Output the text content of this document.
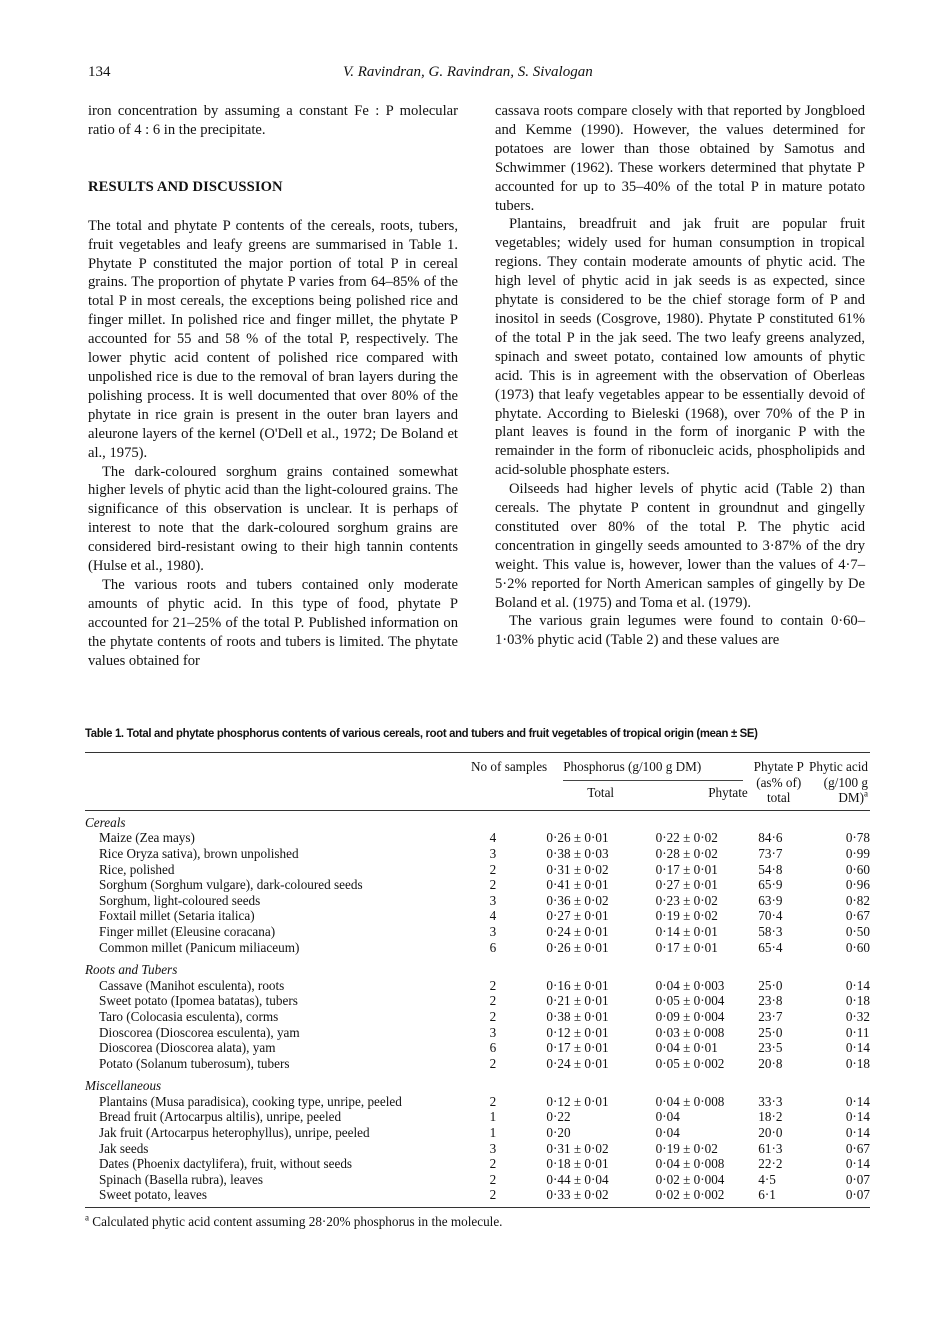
134	V. Ravindran, G. Ravindran, S. Sivalogan

iron concentration by assuming a constant Fe : P molecular ratio of 4 : 6 in the precipitate.

RESULTS AND DISCUSSION

The total and phytate P contents of the cereals, roots, tubers, fruit vegetables and leafy greens are summarised in Table 1. Phytate P constituted the major portion of total P in cereal grains. The proportion of phytate P varies from 64–85% of the total P in most cereals, the exceptions being polished rice and finger millet. In polished rice and finger millet, the phytate P accounted for 55 and 58 % of the total P, respectively. The lower phytic acid content of polished rice compared with unpolished rice is due to the removal of bran layers during the polishing process. It is well documented that over 80% of the phytate in rice grain is present in the outer bran layers and aleurone layers of the kernel (O'Dell et al., 1972; De Boland et al., 1975).

The dark-coloured sorghum grains contained somewhat higher levels of phytic acid than the light-coloured grains. The significance of this observation is unclear. It is perhaps of interest to note that the dark-coloured sorghum grains are considered bird-resistant owing to their high tannin contents (Hulse et al., 1980).

The various roots and tubers contained only moderate amounts of phytic acid. In this type of food, phytate P accounted for 21–25% of the total P. Published information on the phytate contents of roots and tubers is limited. The phytate values obtained for

cassava roots compare closely with that reported by Jongbloed and Kemme (1990). However, the values determined for potatoes are lower than those obtained by Samotus and Schwimmer (1962). These workers determined that phytate P accounted for up to 35–40% of the total P in mature potato tubers.

Plantains, breadfruit and jak fruit are popular fruit vegetables; widely used for human consumption in tropical regions. They contain moderate amounts of phytic acid. The high level of phytic acid in jak seeds is as expected, since phytate is considered to be the chief storage form of P and inositol in seeds (Cosgrove, 1980). Phytate P constituted 61% of the total P in the jak seed. The two leafy greens analyzed, spinach and sweet potato, contained low amounts of phytic acid. This is in agreement with the observation of Oberleas (1973) that leafy vegetables appear to be essentially devoid of phytate. According to Bieleski (1968), over 70% of the P in plant leaves is found in the form of inorganic P with the remainder in the form of ribonucleic acids, phospholipids and acid-soluble phosphate esters.

Oilseeds had higher levels of phytic acid (Table 2) than cereals. The phytate P content in groundnut and gingelly constituted over 80% of the total P. The phytic acid concentration in gingelly seeds amounted to 3·87% of the dry weight. This value is, however, lower than the values of 4·7–5·2% reported for North American samples of gingelly by De Boland et al. (1975) and Toma et al. (1979).

The various grain legumes were found to contain 0·60–1·03% phytic acid (Table 2) and these values are

Table 1. Total and phytate phosphorus contents of various cereals, root and tubers and fruit vegetables of tropical origin (mean ± SE)
	No of samples	Phosphorus (g/100 g DM)
Total	Phytate

Phytate P
(as% of)
total

Phytic acid
(g/100 g
DM)$^a$
Cereals					
Maize (Zea mays)	4	0·26 ± 0·01	0·22 ± 0·02	84·6	0·78
Rice Oryza sativa), brown unpolished	3	0·38 ± 0·03	0·28 ± 0·02	73·7	0·99
Rice, polished	2	0·31 ± 0·02	0·17 ± 0·01	54·8	0·60
Sorghum (Sorghum vulgare), dark-coloured seeds	2	0·41 ± 0·01	0·27 ± 0·01	65·9	0·96
Sorghum, light-coloured seeds	3	0·36 ± 0·02	0·23 ± 0·02	63·9	0·82
Foxtail millet (Setaria italica)	4	0·27 ± 0·01	0·19 ± 0·02	70·4	0·67
Finger millet (Eleusine coracana)	3	0·24 ± 0·01	0·14 ± 0·01	58·3	0·50
Common millet (Panicum miliaceum)	6	0·26 ± 0·01	0·17 ± 0·01	65·4	0·60
Roots and Tubers					
Cassave (Manihot esculenta), roots	2	0·16 ± 0·01	0·04 ± 0·003	25·0	0·14
Sweet potato (Ipomea batatas), tubers	2	0·21 ± 0·01	0·05 ± 0·004	23·8	0·18
Taro (Colocasia esculenta), corms	2	0·38 ± 0·01	0·09 ± 0·004	23·7	0·32
Dioscorea (Dioscorea esculenta), yam	3	0·12 ± 0·01	0·03 ± 0·008	25·0	0·11
Dioscorea (Dioscorea alata), yam	6	0·17 ± 0·01	0·04 ± 0·01	23·5	0·14
Potato (Solanum tuberosum), tubers	2	0·24 ± 0·01	0·05 ± 0·002	20·8	0·18
Miscellaneous					
Plantains (Musa paradisica), cooking type, unripe, peeled	2	0·12 ± 0·01	0·04 ± 0·008	33·3	0·14
Bread fruit (Artocarpus altilis), unripe, peeled	1	0·22	0·04	18·2	0·14
Jak fruit (Artocarpus heterophyllus), unripe, peeled	1	0·20	0·04	20·0	0·14
Jak seeds	3	0·31 ± 0·02	0·19 ± 0·02	61·3	0·67
Dates (Phoenix dactylifera), fruit, without seeds	2	0·18 ± 0·01	0·04 ± 0·008	22·2	0·14
Spinach (Basella rubra), leaves	2	0·44 ± 0·04	0·02 ± 0·004	4·5	0·07
Sweet potato, leaves	2	0·33 ± 0·02	0·02 ± 0·002	6·1	0·07
$^a$ Calculated phytic acid content assuming 28·20% phosphorus in the molecule.
